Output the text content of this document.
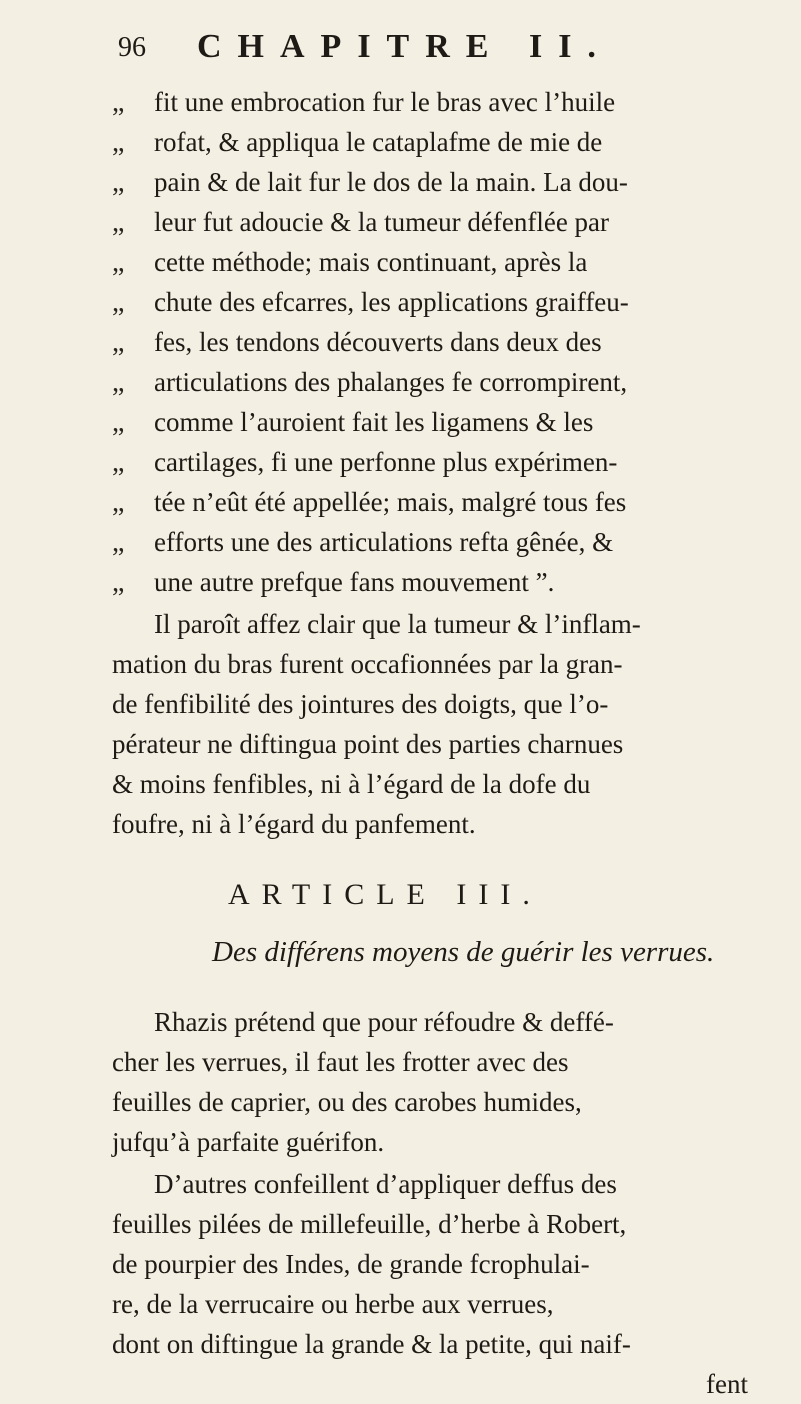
96 CHAPITRE II.
„ fit une embrocation fur le bras avec l’huile
„ rofat, & appliqua le cataplafme de mie de
„ pain & de lait fur le dos de la main. La dou-
„ leur fut adoucie & la tumeur défenflée par
„ cette méthode; mais continuant, après la
„ chute des efcarres, les applications graiffeu-
„ fes, les tendons découverts dans deux des
„ articulations des phalanges fe corrompirent,
„ comme l’auroient fait les ligamens & les
„ cartilages, fi une perfonne plus expérimen-
„ tée n’eût été appellée; mais, malgré tous fes
„ efforts une des articulations refta gênée, &
„ une autre prefque fans mouvement ”.
Il paroît affez clair que la tumeur & l’inflam-
mation du bras furent occafionnées par la gran-
de fenfibilité des jointures des doigts, que l’o-
pérateur ne diftingua point des parties charnues
& moins fenfibles, ni à l’égard de la dofe du
foufre, ni à l’égard du panfement.
ARTICLE III.
Des différens moyens de guérir les verrues.
Rhazis prétend que pour réfoudre & deffé-
cher les verrues, il faut les frotter avec des
feuilles de caprier, ou des carobes humides,
jufqu’à parfaite guérifon.
D’autres confeillent d’appliquer deffus des
feuilles pilées de millefeuille, d’herbe à Robert,
de pourpier des Indes, de grande fcrophulai-
re, de la verrucaire ou herbe aux verrues,
dont on diftingue la grande & la petite, qui naif-
fent
